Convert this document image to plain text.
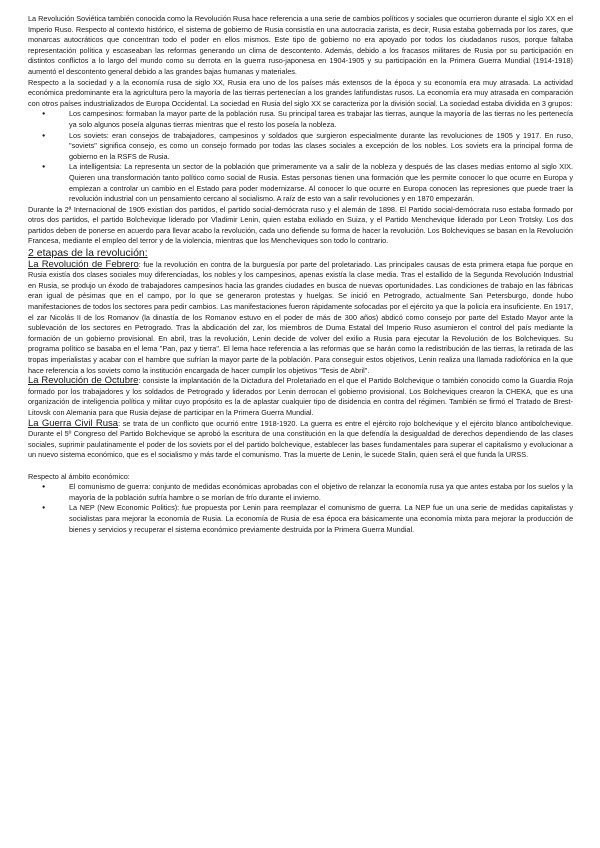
La Revolución Soviética también conocida como la Revolución Rusa hace referencia a una serie de cambios políticos y sociales que ocurrieron durante el siglo XX en el Imperio Ruso. Respecto al contexto histórico, el sistema de gobierno de Rusia consistía en una autocracia zarista, es decir, Rusia estaba gobernada por los zares, que monarcas autocráticos que concentran todo el poder en ellos mismos. Este tipo de gobierno no era apoyado por todos los ciudadanos rusos, porque faltaba representación política y escaseaban las reformas generando un clima de descontento. Además, debido a los fracasos militares de Rusia por su participación en distintos conflictos a lo largo del mundo como su derrota en la guerra ruso-japonesa en 1904-1905 y su participación en la Primera Guerra Mundial (1914-1918) aumentó el descontento general debido a las grandes bajas humanas y materiales.

Respecto a la sociedad y a la economía rusa de siglo XX, Rusia era uno de los países más extensos de la época y su economía era muy atrasada. La actividad económica predominante era la agricultura pero la mayoría de las tierras pertenecían a los grandes latifundistas rusos. La economía era muy atrasada en comparación con otros países industrializados de Europa Occidental. La sociedad en Rusia del siglo XX se caracteriza por la división social. La sociedad estaba dividida en 3 grupos:

● Los campesinos: formaban la mayor parte de la población rusa. Su principal tarea es trabajar las tierras, aunque la mayoría de las tierras no les pertenecía ya solo algunos poseía algunas tierras mientras que el resto los poseía la nobleza.
● Los soviets: eran consejos de trabajadores, campesinos y soldados que surgieron especialmente durante las revoluciones de 1905 y 1917. En ruso, "soviets" significa consejo, es como un consejo formado por todas las clases sociales a excepción de los nobles. Los soviets era la principal forma de gobierno en la RSFS de Rusia.
● La intelligentsia: La representa un sector de la población que primeramente va a salir de la nobleza y después de las clases medias entorno al siglo XIX. Quieren una transformación tanto político como social de Rusia. Estas personas tienen una formación que les permite conocer lo que ocurre en Europa y empiezan a controlar un cambio en el Estado para poder modernizarse. Al conocer lo que ocurre en Europa conocen las represiones que puede traer la revolución industrial con un pensamiento cercano al socialismo. A raíz de esto van a salir revoluciones y en 1870 empezarán.

Durante la 2ª Internacional de 1905 existían dos partidos, el partido social-demócrata ruso y el alemán de 1898. El Partido social-demócrata ruso estaba formado por otros dos partidos, el partido Bolchevique liderado por Vladimir Lenin, quien estaba exiliado en Suiza, y el Partido Menchevique liderado por Leon Trotsky. Los dos partidos deben de ponerse en acuerdo para llevar acabo la revolución, cada uno defiende su forma de hacer la revolución. Los Bolcheviques se basan en la Revolución Francesa, mediante el empleo del terror y de la violencia, mientras que los Mencheviques son todo lo contrario.

2 etapas de la revolución:

La Revolución de Febrero: fue la revolución en contra de la burguesía por parte del proletariado. Las principales causas de esta primera etapa fue porque en Rusia existía dos clases sociales muy diferenciadas, los nobles y los campesinos, apenas existía la clase media. Tras el estallido de la Segunda Revolución Industrial en Rusia, se produjo un éxodo de trabajadores campesinos hacia las grandes ciudades en busca de nuevas oportunidades. Las condiciones de trabajo en las fábricas eran igual de pésimas que en el campo, por lo que se generaron protestas y huelgas. Se inició en Petrogrado, actualmente San Petersburgo, donde hubo manifestaciones de todos los sectores para pedir cambios. Las manifestaciones fueron rápidamente sofocadas por el ejército ya que la policía era insuficiente. En 1917, el zar Nicolás II de los Romanov (la dinastía de los Romanov estuvo en el poder de más de 300 años) abdicó como consejo por parte del Estado Mayor ante la sublevación de los sectores en Petrogrado. Tras la abdicación del zar, los miembros de Duma Estatal del Imperio Ruso asumieron el control del país mediante la formación de un gobierno provisional. En abril, tras la revolución, Lenin decide de volver del exilio a Rusia para ejecutar la Revolución de los Bolcheviques. Su programa político se basaba en el lema "Pan, paz y tierra". El lema hace referencia a las reformas que se harán como la redistribución de las tierras, la retirada de las tropas imperialistas y acabar con el hambre que sufrían la mayor parte de la población. Para conseguir estos objetivos, Lenin realiza una llamada radiofónica en la que hace referencia a los soviets como la institución encargada de hacer cumplir los objetivos "Tesis de Abril".

La Revolución de Octubre: consiste la implantación de la Dictadura del Proletariado en el que el Partido Bolchevique o también conocido como la Guardia Roja formado por los trabajadores y los soldados de Petrogrado y liderados por Lenin derrocan el gobierno provisional. Los Bolcheviques crearon la CHEKA, que es una organización de inteligencia política y militar cuyo propósito es la de aplastar cualquier tipo de disidencia en contra del régimen. También se firmó el Tratado de Brest-Litovsk con Alemania para que Rusia dejase de participar en la Primera Guerra Mundial.

La Guerra Civil Rusa: se trata de un conflicto que ocurrió entre 1918-1920. La guerra es entre el ejército rojo bolchevique y el ejército blanco antibolchevique. Durante el 5º Congreso del Partido Bolchevique se aprobó la escritura de una constitución en la que defendía la desigualdad de derechos dependiendo de las clases sociales, suprimir paulatinamente el poder de los soviets por el del partido bolchevique, establecer las bases fundamentales para superar el capitalismo y evolucionar a un nuevo sistema económico, que es el socialismo y más tarde el comunismo. Tras la muerte de Lenin, le sucede Stalin, quien será el que funda la URSS.

Respecto al ámbito económico:

● El comunismo de guerra: conjunto de medidas económicas aprobadas con el objetivo de relanzar la economía rusa ya que antes estaba por los suelos y la mayoría de la población sufría hambre o se morían de frío durante el invierno.
● La NEP (New Economic Politics): fue propuesta por Lenin para reemplazar el comunismo de guerra. La NEP fue un una serie de medidas capitalistas y socialistas para mejorar la economía de Rusia. La economía de Rusia de esa época era básicamente una economía mixta para mejorar la producción de bienes y servicios y recuperar el sistema económico previamente destruida por la Primera Guerra Mundial.
